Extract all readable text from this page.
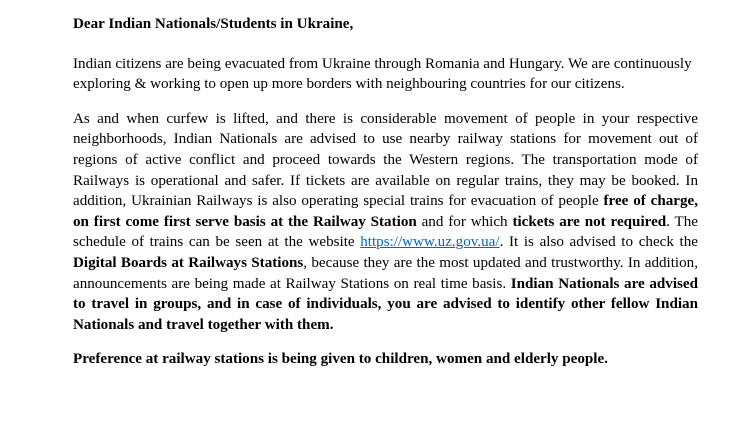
Dear Indian Nationals/Students in Ukraine,

Indian citizens are being evacuated from Ukraine through Romania and Hungary. We are continuously exploring & working to open up more borders with neighbouring countries for our citizens.

As and when curfew is lifted, and there is considerable movement of people in your respective neighborhoods, Indian Nationals are advised to use nearby railway stations for movement out of regions of active conflict and proceed towards the Western regions. The transportation mode of Railways is operational and safer. If tickets are available on regular trains, they may be booked. In addition, Ukrainian Railways is also operating special trains for evacuation of people free of charge, on first come first serve basis at the Railway Station and for which tickets are not required. The schedule of trains can be seen at the website https://www.uz.gov.ua/. It is also advised to check the Digital Boards at Railways Stations, because they are the most updated and trustworthy. In addition, announcements are being made at Railway Stations on real time basis. Indian Nationals are advised to travel in groups, and in case of individuals, you are advised to identify other fellow Indian Nationals and travel together with them.

Preference at railway stations is being given to children, women and elderly people.
